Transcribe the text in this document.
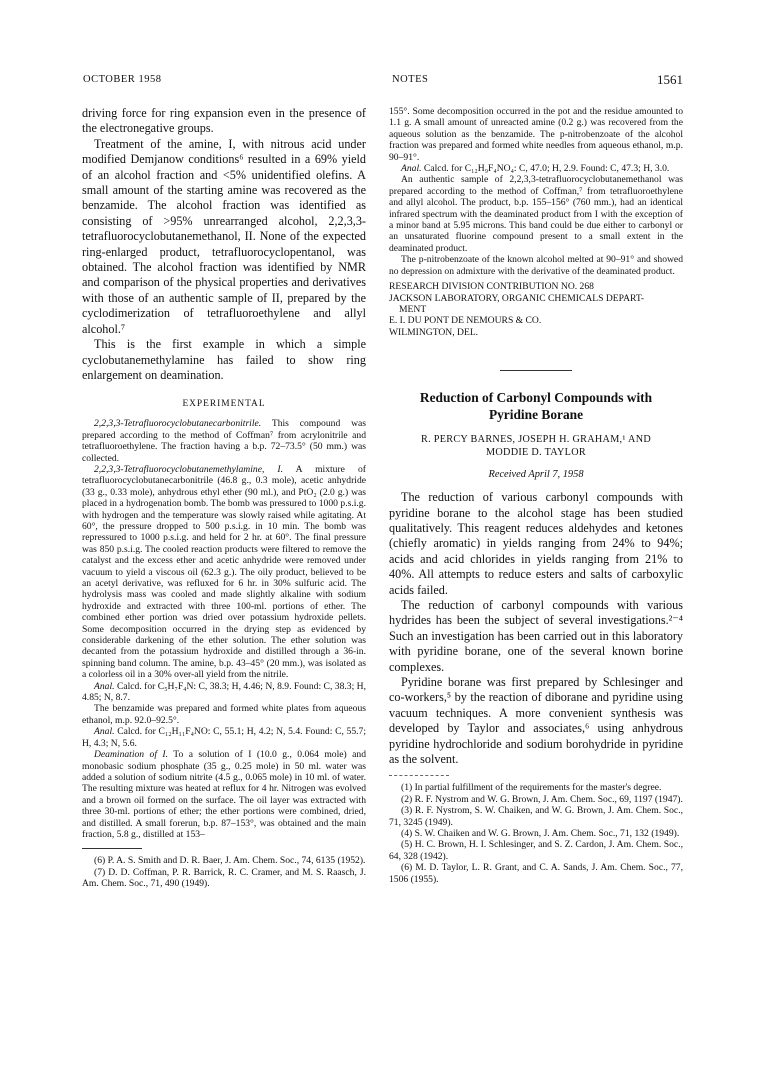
OCTOBER 1958	NOTES	1561

driving force for ring expansion even in the presence of the electronegative groups.

Treatment of the amine, I, with nitrous acid under modified Demjanow conditions⁶ resulted in a 69% yield of an alcohol fraction and <5% unidentified olefins. A small amount of the starting amine was recovered as the benzamide. The alcohol fraction was identified as consisting of >95% unrearranged alcohol, 2,2,3,3-tetrafluorocyclobutanemethanol, II. None of the expected ring-enlarged product, tetrafluorocyclopentanol, was obtained. The alcohol fraction was identified by NMR and comparison of the physical properties and derivatives with those of an authentic sample of II, prepared by the cyclodimerization of tetrafluoroethylene and allyl alcohol.⁷

This is the first example in which a simple cyclobutanemethylamine has failed to show ring enlargement on deamination.

EXPERIMENTAL

2,2,3,3-Tetrafluorocyclobutanecarbonitrile. This compound was prepared according to the method of Coffman⁷ from acrylonitrile and tetrafluoroethylene. The fraction having a b.p. 72–73.5° (50 mm.) was collected.

2,2,3,3-Tetrafluorocyclobutanemethylamine, I. A mixture of tetrafluorocyclobutanecarbonitrile (46.8 g., 0.3 mole), acetic anhydride (33 g., 0.33 mole), anhydrous ethyl ether (90 ml.), and PtO₂ (2.0 g.) was placed in a hydrogenation bomb. The bomb was pressured to 1000 p.s.i.g. with hydrogen and the temperature was slowly raised while agitating. At 60°, the pressure dropped to 500 p.s.i.g. in 10 min. The bomb was repressured to 1000 p.s.i.g. and held for 2 hr. at 60°. The final pressure was 850 p.s.i.g. The cooled reaction products were filtered to remove the catalyst and the excess ether and acetic anhydride were removed under vacuum to yield a viscous oil (62.3 g.). The oily product, believed to be an acetyl derivative, was refluxed for 6 hr. in 30% sulfuric acid. The hydrolysis mass was cooled and made slightly alkaline with sodium hydroxide and extracted with three 100-ml. portions of ether. The combined ether portion was dried over potassium hydroxide pellets. Some decomposition occurred in the drying step as evidenced by considerable darkening of the ether solution. The ether solution was decanted from the potassium hydroxide and distilled through a 36-in. spinning band column. The amine, b.p. 43–45° (20 mm.), was isolated as a colorless oil in a 30% over-all yield from the nitrile.

Anal. Calcd. for C₅H₇F₄N: C, 38.3; H, 4.46; N, 8.9. Found: C, 38.3; H, 4.85; N, 8.7.

The benzamide was prepared and formed white plates from aqueous ethanol, m.p. 92.0–92.5°.

Anal. Calcd. for C₁₂H₁₁F₄NO: C, 55.1; H, 4.2; N, 5.4. Found: C, 55.7; H, 4.3; N, 5.6.

Deamination of I. To a solution of I (10.0 g., 0.064 mole) and monobasic sodium phosphate (35 g., 0.25 mole) in 50 ml. water was added a solution of sodium nitrite (4.5 g., 0.065 mole) in 10 ml. of water. The resulting mixture was heated at reflux for 4 hr. Nitrogen was evolved and a brown oil formed on the surface. The oil layer was extracted with three 30-ml. portions of ether; the ether portions were combined, dried, and distilled. A small forerun, b.p. 87–153°, was obtained and the main fraction, 5.8 g., distilled at 153–

(6) P. A. S. Smith and D. R. Baer, J. Am. Chem. Soc., 74, 6135 (1952).

(7) D. D. Coffman, P. R. Barrick, R. C. Cramer, and M. S. Raasch, J. Am. Chem. Soc., 71, 490 (1949).

155°. Some decomposition occurred in the pot and the residue amounted to 1.1 g. A small amount of unreacted amine (0.2 g.) was recovered from the aqueous solution as the benzamide. The p-nitrobenzoate of the alcohol fraction was prepared and formed white needles from aqueous ethanol, m.p. 90–91°.

Anal. Calcd. for C₁₂H₉F₄NO₄: C, 47.0; H, 2.9. Found: C, 47.3; H, 3.0.

An authentic sample of 2,2,3,3-tetrafluorocyclobutanemethanol was prepared according to the method of Coffman,⁷ from tetrafluoroethylene and allyl alcohol. The product, b.p. 155–156° (760 mm.), had an identical infrared spectrum with the deaminated product from I with the exception of a minor band at 5.95 microns. This band could be due either to carbonyl or an unsaturated fluorine compound present to a small extent in the deaminated product.

The p-nitrobenzoate of the known alcohol melted at 90–91° and showed no depression on admixture with the derivative of the deaminated product.

RESEARCH DIVISION CONTRIBUTION NO. 268
JACKSON LABORATORY, ORGANIC CHEMICALS DEPART-
MENT
E. I. DU PONT DE NEMOURS & CO.
WILMINGTON, DEL.
Reduction of Carbonyl Compounds with
Pyridine Borane
R. PERCY BARNES, JOSEPH H. GRAHAM,¹ AND
MODDIE D. TAYLOR
Received April 7, 1958

The reduction of various carbonyl compounds with pyridine borane to the alcohol stage has been studied qualitatively. This reagent reduces aldehydes and ketones (chiefly aromatic) in yields ranging from 24% to 94%; acids and acid chlorides in yields ranging from 21% to 40%. All attempts to reduce esters and salts of carboxylic acids failed.

The reduction of carbonyl compounds with various hydrides has been the subject of several investigations.²⁻⁴ Such an investigation has been carried out in this laboratory with pyridine borane, one of the several known borine complexes.

Pyridine borane was first prepared by Schlesinger and co-workers,⁵ by the reaction of diborane and pyridine using vacuum techniques. A more convenient synthesis was developed by Taylor and associates,⁶ using anhydrous pyridine hydrochloride and sodium borohydride in pyridine as the solvent.

(1) In partial fulfillment of the requirements for the master's degree.

(2) R. F. Nystrom and W. G. Brown, J. Am. Chem. Soc., 69, 1197 (1947).

(3) R. F. Nystrom, S. W. Chaiken, and W. G. Brown, J. Am. Chem. Soc., 71, 3245 (1949).

(4) S. W. Chaiken and W. G. Brown, J. Am. Chem. Soc., 71, 132 (1949).

(5) H. C. Brown, H. I. Schlesinger, and S. Z. Cardon, J. Am. Chem. Soc., 64, 328 (1942).

(6) M. D. Taylor, L. R. Grant, and C. A. Sands, J. Am. Chem. Soc., 77, 1506 (1955).
